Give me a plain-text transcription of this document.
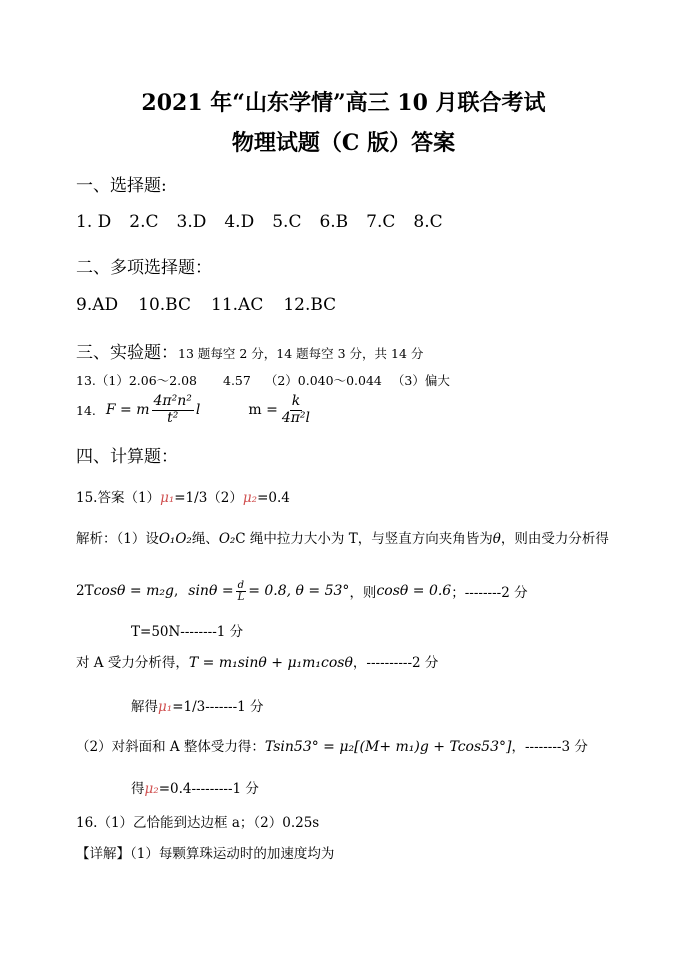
2021 年“山东学情”高三 10 月联合考试
物理试题（C 版）答案
一、选择题:
1. D 2.C 3.D 4.D 5.C 6.B 7.C 8.C
二、多项选择题：
9.AD 10.BC 11.AC 12.BC
三、实验题：13 题每空 2 分，14 题每空 3 分，共 14 分
13.（1）2.06～2.08 4.57 （2）0.040～0.044 （3）偏大
14. F = m $\frac{\text{4π²n²}}{\text{t²}}$ l	$m = \frac{k}{\text{4π²l}}$
四、计算题：
15.答案（1）μ₁=1/3（2）μ₂=0.4
解析：（1）设O₁O₂绳、O₂C 绳中拉力大小为 T，与竖直方向夹角皆为θ，则由受力分析得
2T cosθ = m₂g , $\sin\theta = \frac{d}{L} = 0.8$ , θ = 53° ，则 cosθ = 0.6 ；--------2 分
T=50N--------1 分
对 A 受力分析得，T = m₁sinθ + μ₁m₁cosθ，----------2 分
解得μ₁=1/3-------1 分
（2）对斜面和 A 整体受力得：Tsin53° = μ₂[(M+ m₁)g + Tcos53°]，--------3 分
得μ₂=0.4---------1 分
16.（1）乙恰能到达边框 a；（2）0.25s
【详解】（1）每颗算珠运动时的加速度均为
